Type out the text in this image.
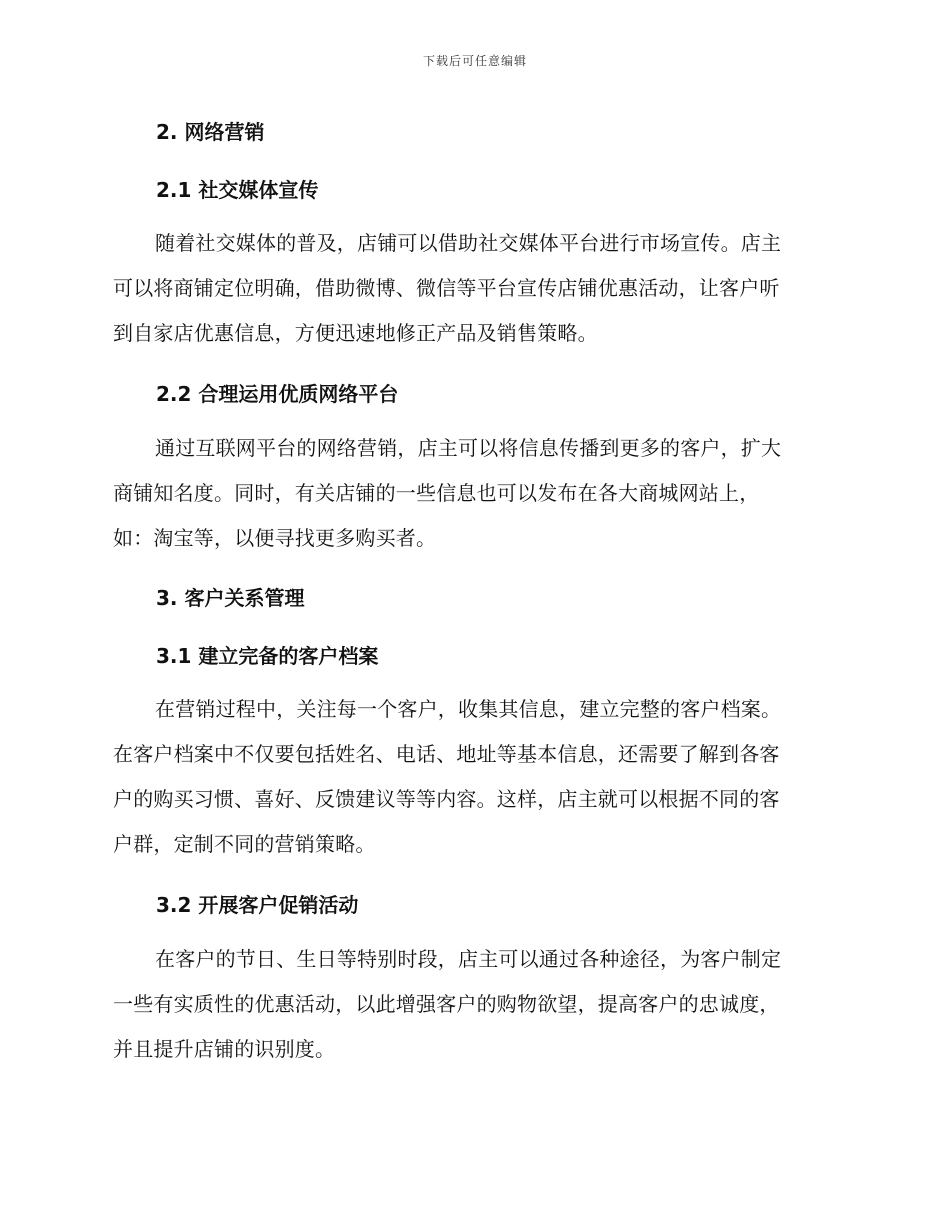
下载后可任意编辑
2. 网络营销
2.1 社交媒体宣传
随着社交媒体的普及，店铺可以借助社交媒体平台进行市场宣传。店主
可以将商铺定位明确，借助微博、微信等平台宣传店铺优惠活动，让客户听
到自家店优惠信息，方便迅速地修正产品及销售策略。
2.2 合理运用优质网络平台
通过互联网平台的网络营销，店主可以将信息传播到更多的客户，扩大
商铺知名度。同时，有关店铺的一些信息也可以发布在各大商城网站上，
如：淘宝等，以便寻找更多购买者。
3. 客户关系管理
3.1 建立完备的客户档案
在营销过程中，关注每一个客户，收集其信息，建立完整的客户档案。
在客户档案中不仅要包括姓名、电话、地址等基本信息，还需要了解到各客
户的购买习惯、喜好、反馈建议等等内容。这样，店主就可以根据不同的客
户群，定制不同的营销策略。
3.2 开展客户促销活动
在客户的节日、生日等特别时段，店主可以通过各种途径，为客户制定
一些有实质性的优惠活动，以此增强客户的购物欲望，提高客户的忠诚度，
并且提升店铺的识别度。
